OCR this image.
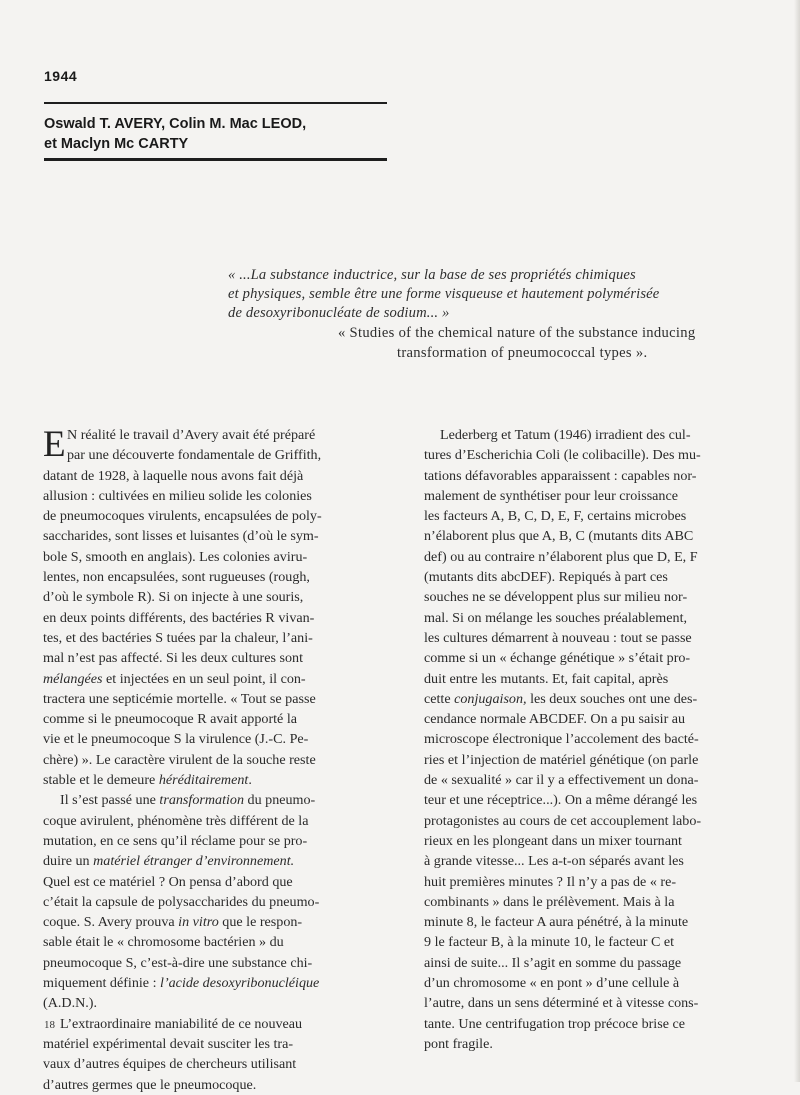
1944
Oswald T. AVERY, Colin M. Mac LEOD,
et Maclyn Mc CARTY
« ...La substance inductrice, sur la base de ses propriétés chimiques
et physiques, semble être une forme visqueuse et hautement polymérisée
de desoxyribonucléate de sodium... »
« Studies of the chemical nature of the substance inducing
transformation of pneumococcal types ».
E N réalité le travail d’Avery avait été préparé
par une découverte fondamentale de Griffith,
datant de 1928, à laquelle nous avons fait déjà
allusion : cultivées en milieu solide les colonies
de pneumocoques virulents, encapsulées de poly-
saccharides, sont lisses et luisantes (d’où le sym-
bole S, smooth en anglais). Les colonies aviru-
lentes, non encapsulées, sont rugueuses (rough,
d’où le symbole R). Si on injecte à une souris,
en deux points différents, des bactéries R vivan-
tes, et des bactéries S tuées par la chaleur, l’ani-
mal n’est pas affecté. Si les deux cultures sont
mélangées et injectées en un seul point, il con-
tractera une septicémie mortelle. « Tout se passe
comme si le pneumocoque R avait apporté la
vie et le pneumocoque S la virulence (J.-C. Pe-
chère) ». Le caractère virulent de la souche reste
stable et le demeure héréditairement.
Il s’est passé une transformation du pneumo-
coque avirulent, phénomène très différent de la
mutation, en ce sens qu’il réclame pour se pro-
duire un matériel étranger d’environnement.
Quel est ce matériel ? On pensa d’abord que
c’était la capsule de polysaccharides du pneumo-
coque. S. Avery prouva in vitro que le respon-
sable était le « chromosome bactérien » du
pneumocoque S, c’est-à-dire une substance chi-
miquement définie : l’acide desoxyribonucléique
(A.D.N.).
L’extraordinaire maniabilité de ce nouveau
matériel expérimental devait susciter les tra-
vaux d’autres équipes de chercheurs utilisant
d’autres germes que le pneumocoque.
Lederberg et Tatum (1946) irradient des cul-
tures d’Escherichia Coli (le colibacille). Des mu-
tations défavorables apparaissent : capables nor-
malement de synthétiser pour leur croissance
les facteurs A, B, C, D, E, F, certains microbes
n’élaborent plus que A, B, C (mutants dits ABC
def) ou au contraire n’élaborent plus que D, E, F
(mutants dits abcDEF). Repiqués à part ces
souches ne se développent plus sur milieu nor-
mal. Si on mélange les souches préalablement,
les cultures démarrent à nouveau : tout se passe
comme si un « échange génétique » s’était pro-
duit entre les mutants. Et, fait capital, après
cette conjugaison, les deux souches ont une des-
cendance normale ABCDEF. On a pu saisir au
microscope électronique l’accolement des bacté-
ries et l’injection de matériel génétique (on parle
de « sexualité » car il y a effectivement un dona-
teur et une réceptrice...). On a même dérangé les
protagonistes au cours de cet accouplement labo-
rieux en les plongeant dans un mixer tournant
à grande vitesse... Les a-t-on séparés avant les
huit premières minutes ? Il n’y a pas de « re-
combinants » dans le prélèvement. Mais à la
minute 8, le facteur A aura pénétré, à la minute
9 le facteur B, à la minute 10, le facteur C et
ainsi de suite... Il s’agit en somme du passage
d’un chromosome « en pont » d’une cellule à
l’autre, dans un sens déterminé et à vitesse cons-
tante. Une centrifugation trop précoce brise ce
pont fragile.
18
